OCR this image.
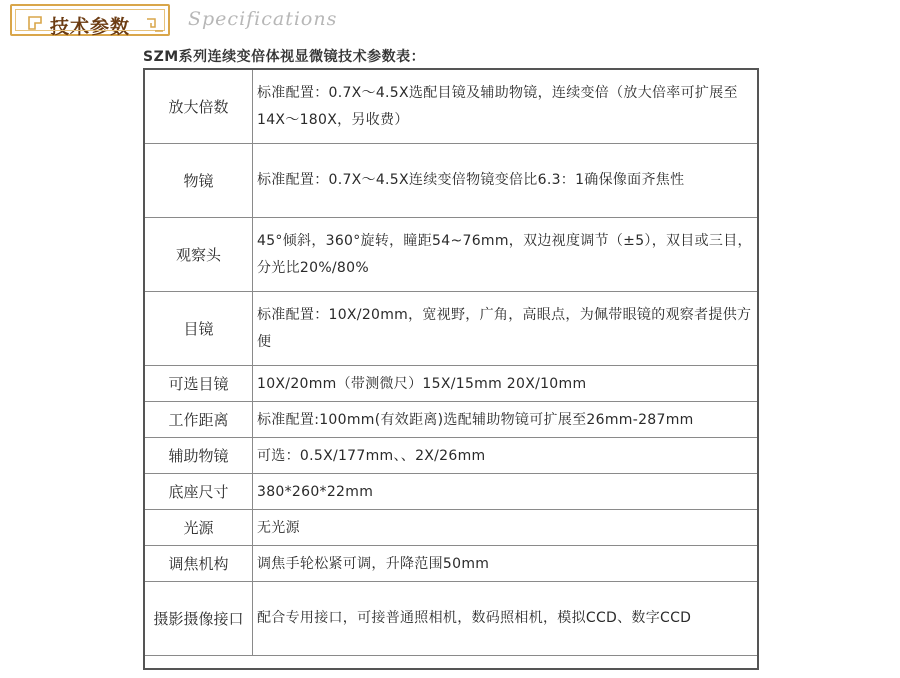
技术参数	Specifications
SZM系列连续变倍体视显微镜技术参数表：
放大倍数	标准配置：0.7X～4.5X选配目镜及辅助物镜，连续变倍（放大倍率可扩展至14X～180X，另收费）
物镜	标准配置：0.7X～4.5X连续变倍物镜变倍比6.3：1确保像面齐焦性
观察头	45°倾斜，360°旋转，瞳距54~76mm，双边视度调节（±5），双目或三目，分光比20%/80%
目镜	标准配置：10X/20mm，宽视野，广角，高眼点，为佩带眼镜的观察者提供方便
可选目镜	10X/20mm（带测微尺）15X/15mm 20X/10mm
工作距离	标准配置:100mm(有效距离)选配辅助物镜可扩展至26mm-287mm
辅助物镜	可选：0.5X/177mm、、2X/26mm
底座尺寸	380*260*22mm
光源	无光源
调焦机构	调焦手轮松紧可调，升降范围50mm
摄影摄像接口	配合专用接口，可接普通照相机，数码照相机，模拟CCD、数字CCD
